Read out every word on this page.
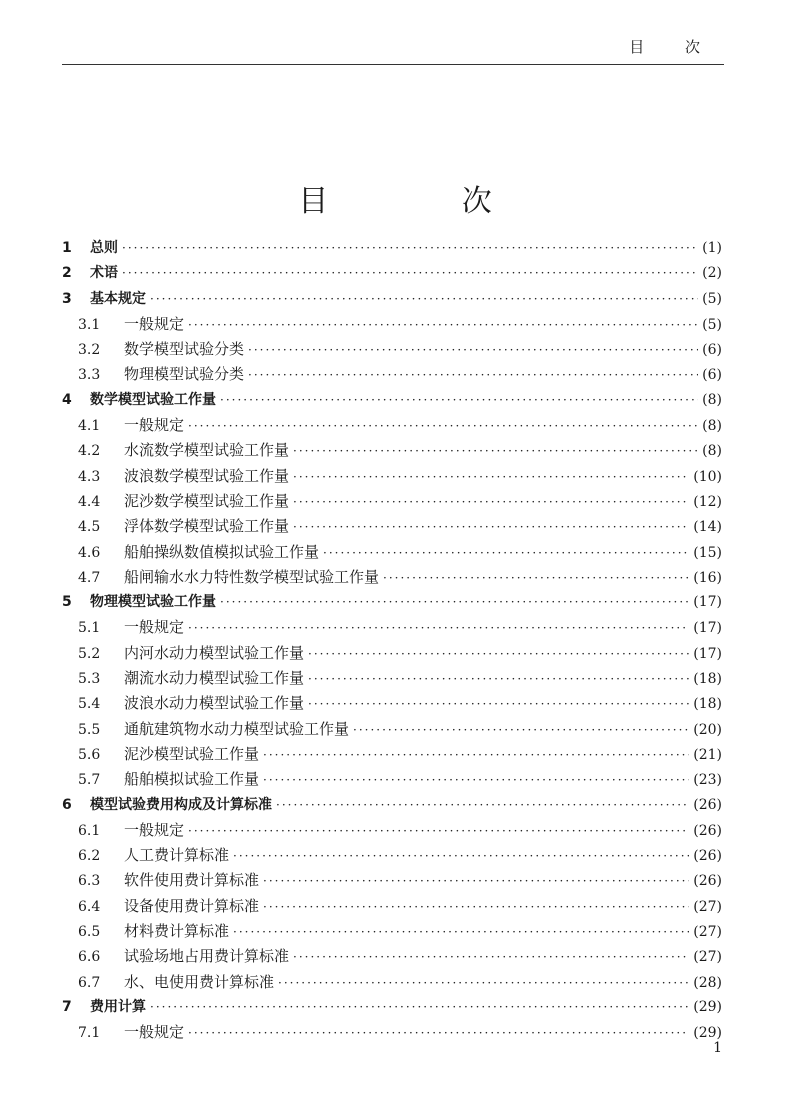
目 次
目 次
1	总则 ·····	(1)
2	术语 ·····	(2)
3	基本规定 ·····	(5)
3.1	一般规定 ·····	(5)
3.2	数学模型试验分类 ·····	(6)
3.3	物理模型试验分类 ·····	(6)
4	数学模型试验工作量 ·····	(8)
4.1	一般规定 ·····	(8)
4.2	水流数学模型试验工作量 ·····	(8)
4.3	波浪数学模型试验工作量 ·····	(10)
4.4	泥沙数学模型试验工作量 ·····	(12)
4.5	浮体数学模型试验工作量 ·····	(14)
4.6	船舶操纵数值模拟试验工作量 ·····	(15)
4.7	船闸输水水力特性数学模型试验工作量 ·····	(16)
5	物理模型试验工作量 ·····	(17)
5.1	一般规定 ·····	(17)
5.2	内河水动力模型试验工作量 ·····	(17)
5.3	潮流水动力模型试验工作量 ·····	(18)
5.4	波浪水动力模型试验工作量 ·····	(18)
5.5	通航建筑物水动力模型试验工作量 ·····	(20)
5.6	泥沙模型试验工作量 ·····	(21)
5.7	船舶模拟试验工作量 ·····	(23)
6	模型试验费用构成及计算标准 ·····	(26)
6.1	一般规定 ·····	(26)
6.2	人工费计算标准 ·····	(26)
6.3	软件使用费计算标准 ·····	(26)
6.4	设备使用费计算标准 ·····	(27)
6.5	材料费计算标准 ·····	(27)
6.6	试验场地占用费计算标准 ·····	(27)
6.7	水、电使用费计算标准 ·····	(28)
7	费用计算 ·····	(29)
7.1	一般规定 ·····	(29)
1
